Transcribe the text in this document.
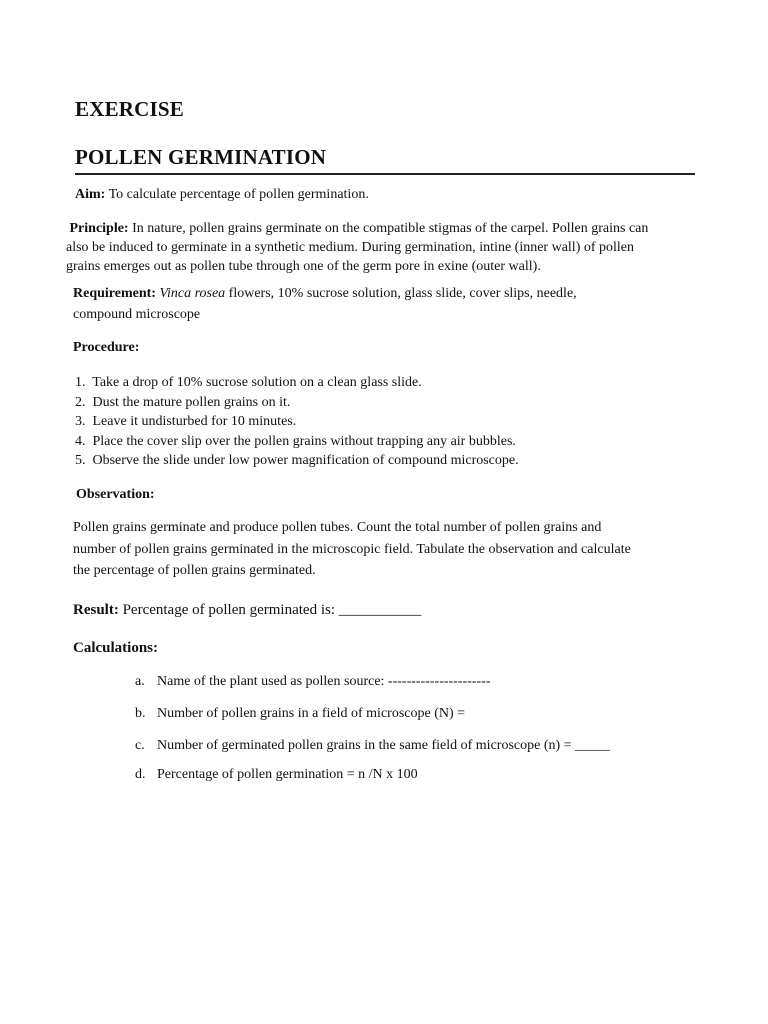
EXERCISE
POLLEN GERMINATION
Aim: To calculate percentage of pollen germination.
Principle: In nature, pollen grains germinate on the compatible stigmas of the carpel. Pollen grains can
also be induced to germinate in a synthetic medium. During germination, intine (inner wall) of pollen
grains emerges out as pollen tube through one of the germ pore in exine (outer wall).
Requirement: Vinca rosea flowers, 10% sucrose solution, glass slide, cover slips, needle,
compound microscope
Procedure:
1. Take a drop of 10% sucrose solution on a clean glass slide.
2. Dust the mature pollen grains on it.
3. Leave it undisturbed for 10 minutes.
4. Place the cover slip over the pollen grains without trapping any air bubbles.
5. Observe the slide under low power magnification of compound microscope.
Observation:
Pollen grains germinate and produce pollen tubes. Count the total number of pollen grains and
number of pollen grains germinated in the microscopic field. Tabulate the observation and calculate
the percentage of pollen grains germinated.
Result: Percentage of pollen germinated is: ___________
Calculations:
a. Name of the plant used as pollen source: ----------------------
b. Number of pollen grains in a field of microscope (N) =
c. Number of germinated pollen grains in the same field of microscope (n) = _____
d. Percentage of pollen germination = n /N x 100
